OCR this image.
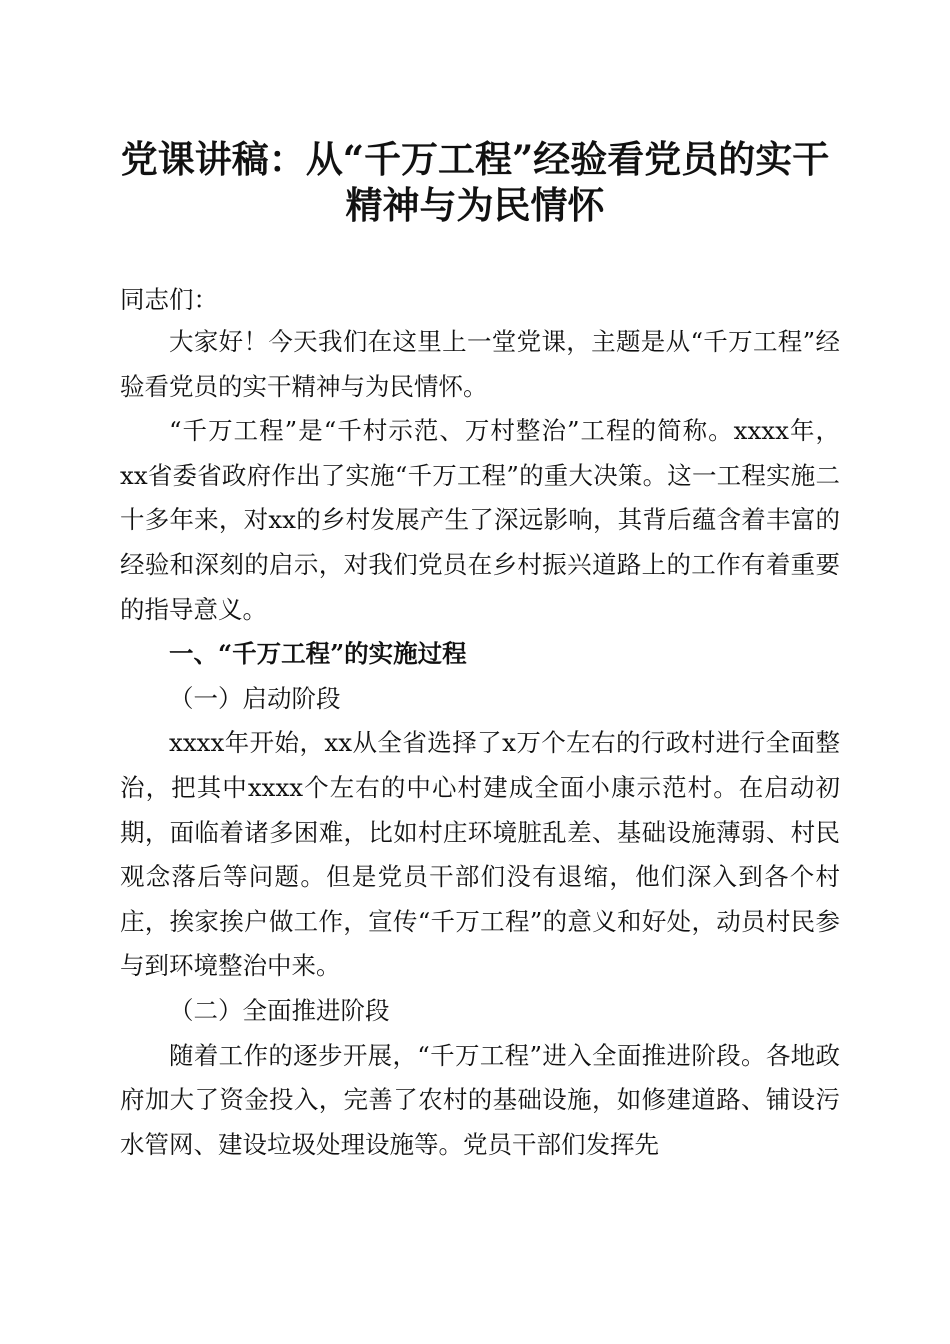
党课讲稿：从“千万工程”经验看党员的实干
精神与为民情怀

同志们：

大家好！今天我们在这里上一堂党课，主题是从“千万工程”经验看党员的实干精神与为民情怀。

“千万工程”是“千村示范、万村整治”工程的简称。xxxx年，xx省委省政府作出了实施“千万工程”的重大决策。这一工程实施二十多年来，对xx的乡村发展产生了深远影响，其背后蕴含着丰富的经验和深刻的启示，对我们党员在乡村振兴道路上的工作有着重要的指导意义。

一、“千万工程”的实施过程

（一）启动阶段

xxxx年开始，xx从全省选择了x万个左右的行政村进行全面整治，把其中xxxx个左右的中心村建成全面小康示范村。在启动初期，面临着诸多困难，比如村庄环境脏乱差、基础设施薄弱、村民观念落后等问题。但是党员干部们没有退缩，他们深入到各个村庄，挨家挨户做工作，宣传“千万工程”的意义和好处，动员村民参与到环境整治中来。

（二）全面推进阶段

随着工作的逐步开展，“千万工程”进入全面推进阶段。各地政府加大了资金投入，完善了农村的基础设施，如修建道路、铺设污水管网、建设垃圾处理设施等。党员干部们发挥先
